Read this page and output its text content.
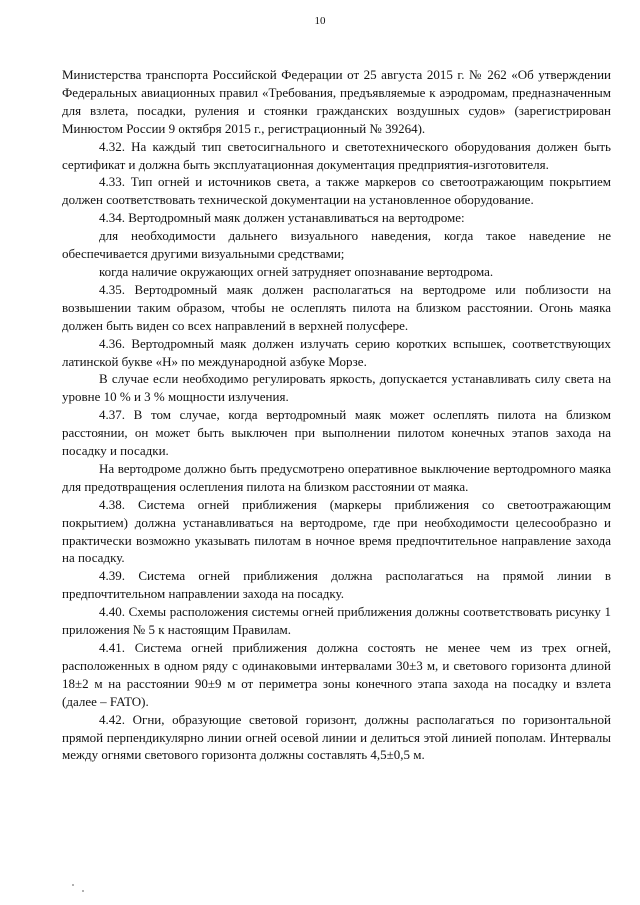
10

Министерства транспорта Российской Федерации от 25 августа 2015 г. № 262 «Об утверждении Федеральных авиационных правил «Требования, предъявляемые к аэродромам, предназначенным для взлета, посадки, руления и стоянки гражданских воздушных судов» (зарегистрирован Минюстом России 9 октября 2015 г., регистрационный № 39264).

4.32. На каждый тип светосигнального и светотехнического оборудования должен быть сертификат и должна быть эксплуатационная документация предприятия-изготовителя.

4.33. Тип огней и источников света, а также маркеров со светоотражающим покрытием должен соответствовать технической документации на установленное оборудование.

4.34. Вертодромный маяк должен устанавливаться на вертодроме:

для необходимости дальнего визуального наведения, когда такое наведение не обеспечивается другими визуальными средствами;

когда наличие окружающих огней затрудняет опознавание вертодрома.

4.35. Вертодромный маяк должен располагаться на вертодроме или поблизости на возвышении таким образом, чтобы не ослеплять пилота на близком расстоянии. Огонь маяка должен быть виден со всех направлений в верхней полусфере.

4.36. Вертодромный маяк должен излучать серию коротких вспышек, соответствующих латинской букве «H» по международной азбуке Морзе.

В случае если необходимо регулировать яркость, допускается устанавливать силу света на уровне 10 % и 3 % мощности излучения.

4.37. В том случае, когда вертодромный маяк может ослеплять пилота на близком расстоянии, он может быть выключен при выполнении пилотом конечных этапов захода на посадку и посадки.

На вертодроме должно быть предусмотрено оперативное выключение вертодромного маяка для предотвращения ослепления пилота на близком расстоянии от маяка.

4.38. Система огней приближения (маркеры приближения со светоотражающим покрытием) должна устанавливаться на вертодроме, где при необходимости целесообразно и практически возможно указывать пилотам в ночное время предпочтительное направление захода на посадку.

4.39. Система огней приближения должна располагаться на прямой линии в предпочтительном направлении захода на посадку.

4.40. Схемы расположения системы огней приближения должны соответствовать рисунку 1 приложения № 5 к настоящим Правилам.

4.41. Система огней приближения должна состоять не менее чем из трех огней, расположенных в одном ряду с одинаковыми интервалами 30±3 м, и светового горизонта длиной 18±2 м на расстоянии 90±9 м от периметра зоны конечного этапа захода на посадку и взлета (далее – FATO).

4.42. Огни, образующие световой горизонт, должны располагаться по горизонтальной прямой перпендикулярно линии огней осевой линии и делиться этой линией пополам. Интервалы между огнями светового горизонта должны составлять 4,5±0,5 м.
